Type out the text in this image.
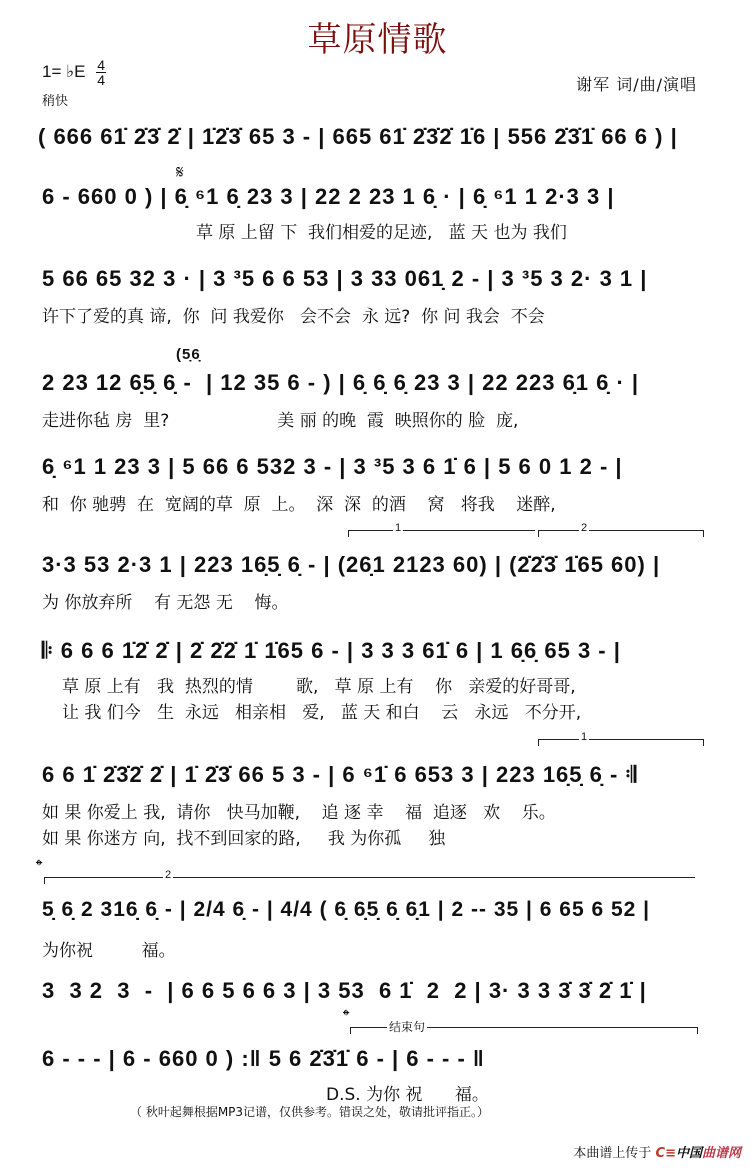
草原情歌
1= ♭E $\frac{4}{4}$
稍快
谢军 词/曲/演唱
( 666 61̇ 2̇3̇ 2̇ | 1̇2̇3̇ 65 3 - | 665 61̇ 2̇3̇2̇ 1̇6 | 556 2̇3̇1̇ 66 6 ) |
𝄋
6 - 660 0 ) | 6̣ ⁶1 6̣ 23 3 | 22 2 23 1 6̣ · | 6̣ ⁶1 1 2·3 3 |
草 原 上留 下  我们相爱的足迹,   蓝 天 也为 我们
5 66 65 32 3 · | 3 ³5 6 6 53 | 3 33 061̣ 2 - | 3 ³5 3 2· 3 1 |
许下了爱的真 谛,  你  问 我爱你   会不会  永 远?  你 问 我会  不会
(5̣6̣
2 23 12 6̣5̣ 6̣ -  | 12 35 6 - ) | 6̣ 6̣ 6̣ 23 3 | 22 223 6̣1 6̣ · |
走进你毡 房  里?                    美 丽 的晚  霞  映照你的 脸  庞,
6̣ ⁶1 1 23 3 | 5 66 6 532 3 - | 3 ³5 3 6 1̇ 6 | 5 6 0 1 2 - |
和  你 驰骋  在  宽阔的草  原  上。  深  深  的酒    窝   将我    迷醉,
1	2
3·3 53 2·3 1 | 223 16̣5̣ 6̣ - | (26̣1 2123 60) | (2̇2̇3̇ 1̇65 60) |
为 你放弃所    有 无怨 无    悔。
𝄆 6 6 6 1̇2̇ 2̇ | 2̇ 2̇2̇ 1̇ 1̇65 6 - | 3 3 3 61̇ 6 | 1 6̣6̣ 65 3 - |
草 原 上有   我  热烈的情        歌,   草 原 上有    你   亲爱的好哥哥,
让 我 们今   生  永远   相亲相   爱,   蓝 天 和白    云   永远   不分开,
1
6 6 1̇ 2̇3̇2̇ 2̇ | 1̇ 2̇3̇ 66 5 3 - | 6 ⁶1̇ 6 653 3 | 223 16̣5̣ 6̣ - 𝄇
如 果 你爱上 我,  请你   快马加鞭,    追 逐 幸    福  追逐   欢    乐。
如 果 你迷方 向,  找不到回家的路,     我 为你孤     独
𝄌	2
5̣ 6̣ 2 316̣ 6̣ - | 2/4 6̣ - | 4/4 ( 6̣ 6̣5̣ 6̣ 6̣1 | 2 -- 35 | 6 65 6 52 |
为你祝         福。
3  3 2  3  -  | 6 6 5 6 6 3 | 3 53  6 1̇  2  2 | 3· 3 3 3̇ 3̇ 2̇ 1̇ |
𝄌	结束句
6 - - - | 6 - 660 0 ) :‖ 5 6 2̇3̇1̇ 6 - | 6 - - - ‖
D.S. 为你 祝      福。
（ 秋叶起舞根据MP3记谱，仅供参考。错误之处，敬请批评指正。）
本曲谱上传于 C≡中国曲谱网
